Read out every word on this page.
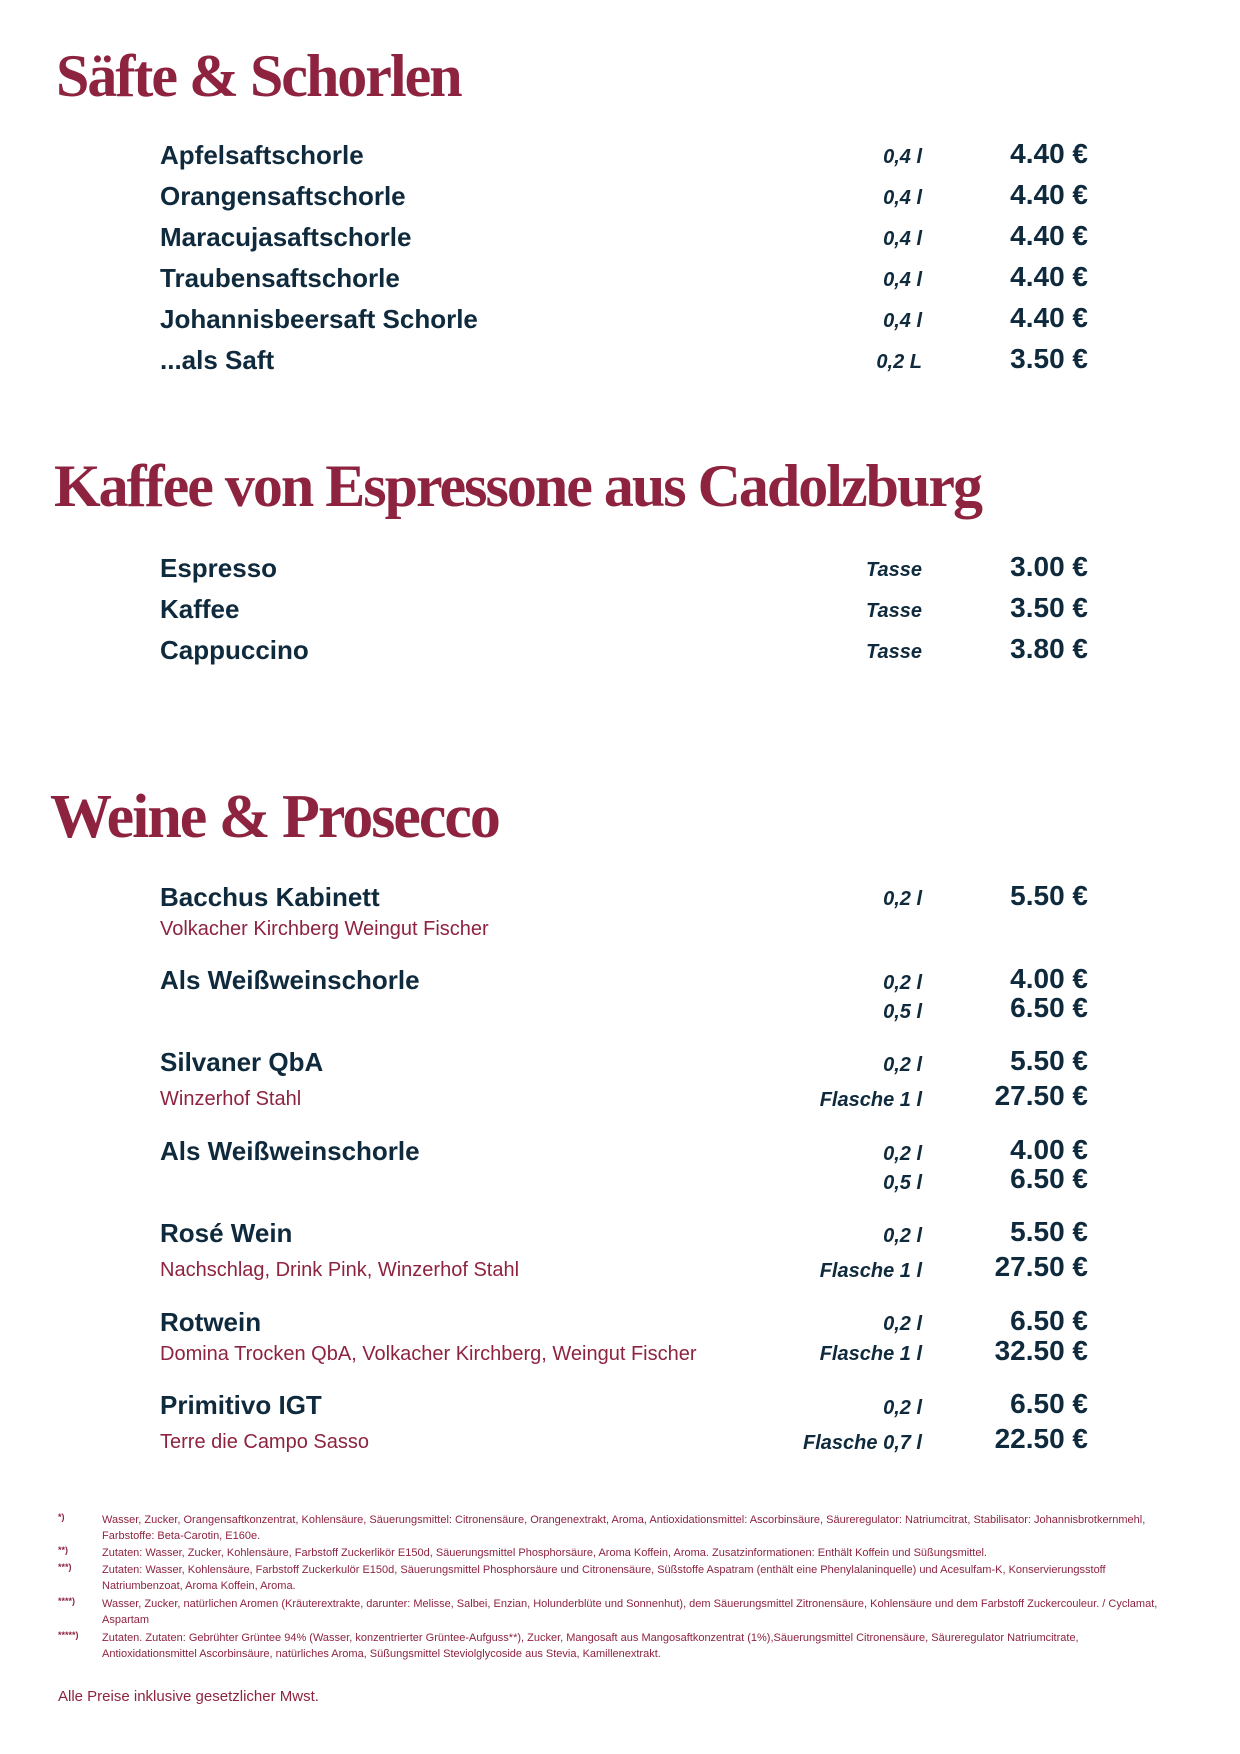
Säfte & Schorlen
Apfelsaftschorle	0,4 l	4.40 €
Orangensaftschorle	0,4 l	4.40 €
Maracujasaftschorle	0,4 l	4.40 €
Traubensaftschorle	0,4 l	4.40 €
Johannisbeersaft Schorle	0,4 l	4.40 €
...als Saft	0,2 L	3.50 €
Kaffee von Espressone aus Cadolzburg
Espresso	Tasse	3.00 €
Kaffee	Tasse	3.50 €
Cappuccino	Tasse	3.80 €
Weine & Prosecco
Bacchus Kabinett
Volkacher Kirchberg Weingut Fischer
0,2 l	5.50 €
Als Weißweinschorle	0,2 l	4.00 €
0,5 l	6.50 €
Silvaner QbA
Winzerhof Stahl
0,2 l	5.50 €
Flasche 1 l	27.50 €
Als Weißweinschorle	0,2 l	4.00 €
0,5 l	6.50 €
Rosé Wein
Nachschlag, Drink Pink, Winzerhof Stahl
0,2 l	5.50 €
Flasche 1 l	27.50 €
Rotwein
Domina Trocken QbA, Volkacher Kirchberg, Weingut Fischer
0,2 l	6.50 €
Flasche 1 l	32.50 €
Primitivo IGT
Terre die Campo Sasso
0,2 l	6.50 €
Flasche 0,7 l	22.50 €
*)	Wasser, Zucker, Orangensaftkonzentrat, Kohlensäure, Säuerungsmittel: Citronensäure, Orangenextrakt, Aroma, Antioxidationsmittel: Ascorbinsäure, Säureregulator: Natriumcitrat, Stabilisator: Johannisbrotkernmehl, Farbstoffe: Beta-Carotin, E160e.
**)	Zutaten: Wasser, Zucker, Kohlensäure, Farbstoff Zuckerlikör E150d, Säuerungsmittel Phosphorsäure, Aroma Koffein, Aroma. Zusatzinformationen: Enthält Koffein und Süßungsmittel.
***)	Zutaten: Wasser, Kohlensäure, Farbstoff Zuckerkulör E150d, Säuerungsmittel Phosphorsäure und Citronensäure, Süßstoffe Aspatram (enthält eine Phenylalaninquelle) und Acesulfam-K, Konservierungsstoff Natriumbenzoat, Aroma Koffein, Aroma.
****) Wasser, Zucker, natürlichen Aromen (Kräuterextrakte, darunter: Melisse, Salbei, Enzian, Holunderblüte und Sonnenhut), dem Säuerungsmittel Zitronensäure, Kohlensäure und dem Farbstoff Zuckercouleur. / Cyclamat, Aspartam
*****) Zutaten. Zutaten: Gebrühter Grüntee 94% (Wasser, konzentrierter Grüntee-Aufguss**), Zucker, Mangosaft aus Mangosaftkonzentrat (1%),Säuerungsmittel Citronensäure, Säureregulator Natriumcitrate, Antioxidationsmittel Ascorbinsäure, natürliches Aroma, Süßungsmittel Steviolglycoside aus Stevia, Kamillenextrakt.
Alle Preise inklusive gesetzlicher Mwst.
